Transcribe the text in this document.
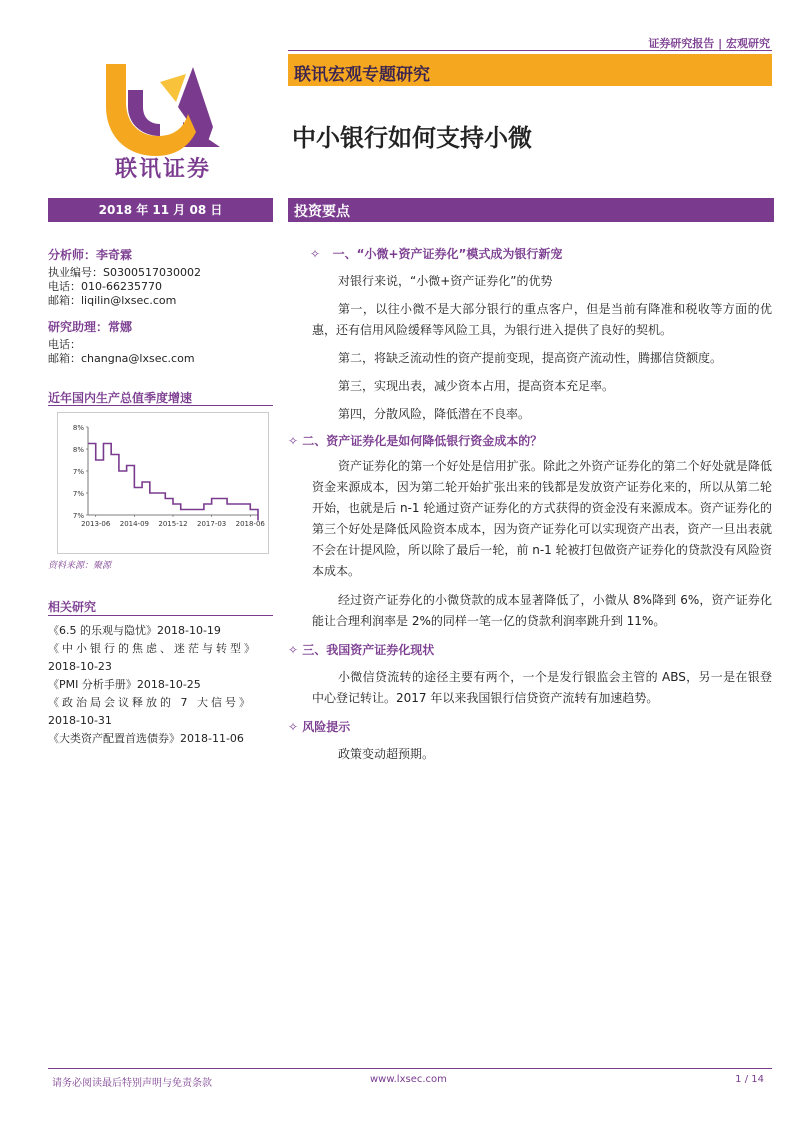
证券研究报告 | 宏观研究
联讯宏观专题研究
中小银行如何支持小微
联讯证券
2018 年 11 月 08 日	投资要点
分析师：李奇霖
执业编号：S0300517030002
电话：010-66235770
邮箱：liqilin@lxsec.com
研究助理：常娜
电话：
邮箱：changna@lxsec.com
近年国内生产总值季度增速
8%
8%
7%
7%
7%
2013-06 2014-09 2015-12 2017-03 2018-06
资料来源：聚源
相关研究
《6.5 的乐观与隐忧》2018-10-19
《中小银行的焦虑、迷茫与转型》
2018-10-23
《PMI 分析手册》2018-10-25
《政治局会议释放的 7 大信号》
2018-10-31
《大类资产配置首选债券》2018-11-06
✧   一、“小微+资产证券化”模式成为银行新宠

对银行来说，“小微+资产证券化”的优势

第一，以往小微不是大部分银行的重点客户，但是当前有降准和税收等方面的优惠，还有信用风险缓释等风险工具，为银行进入提供了良好的契机。

第二，将缺乏流动性的资产提前变现，提高资产流动性，腾挪信贷额度。

第三，实现出表，减少资本占用，提高资本充足率。

第四，分散风险，降低潜在不良率。

✧ 二、资产证券化是如何降低银行资金成本的？

资产证券化的第一个好处是信用扩张。除此之外资产证券化的第二个好处就是降低资金来源成本，因为第二轮开始扩张出来的钱都是发放资产证券化来的，所以从第二轮开始，也就是后 n-1 轮通过资产证券化的方式获得的资金没有来源成本。资产证券化的第三个好处是降低风险资本成本，因为资产证券化可以实现资产出表，资产一旦出表就不会在计提风险，所以除了最后一轮，前 n-1 轮被打包做资产证券化的贷款没有风险资本成本。

经过资产证券化的小微贷款的成本显著降低了，小微从 8%降到 6%，资产证券化能让合理利润率是 2%的同样一笔一亿的贷款利润率跳升到 11%。

✧ 三、我国资产证券化现状

小微信贷流转的途径主要有两个，一个是发行银监会主管的 ABS，另一是在银登中心登记转让。2017 年以来我国银行信贷资产流转有加速趋势。

✧ 风险提示

政策变动超预期。

请务必阅读最后特别声明与免责条款	www.lxsec.com	1 / 14
